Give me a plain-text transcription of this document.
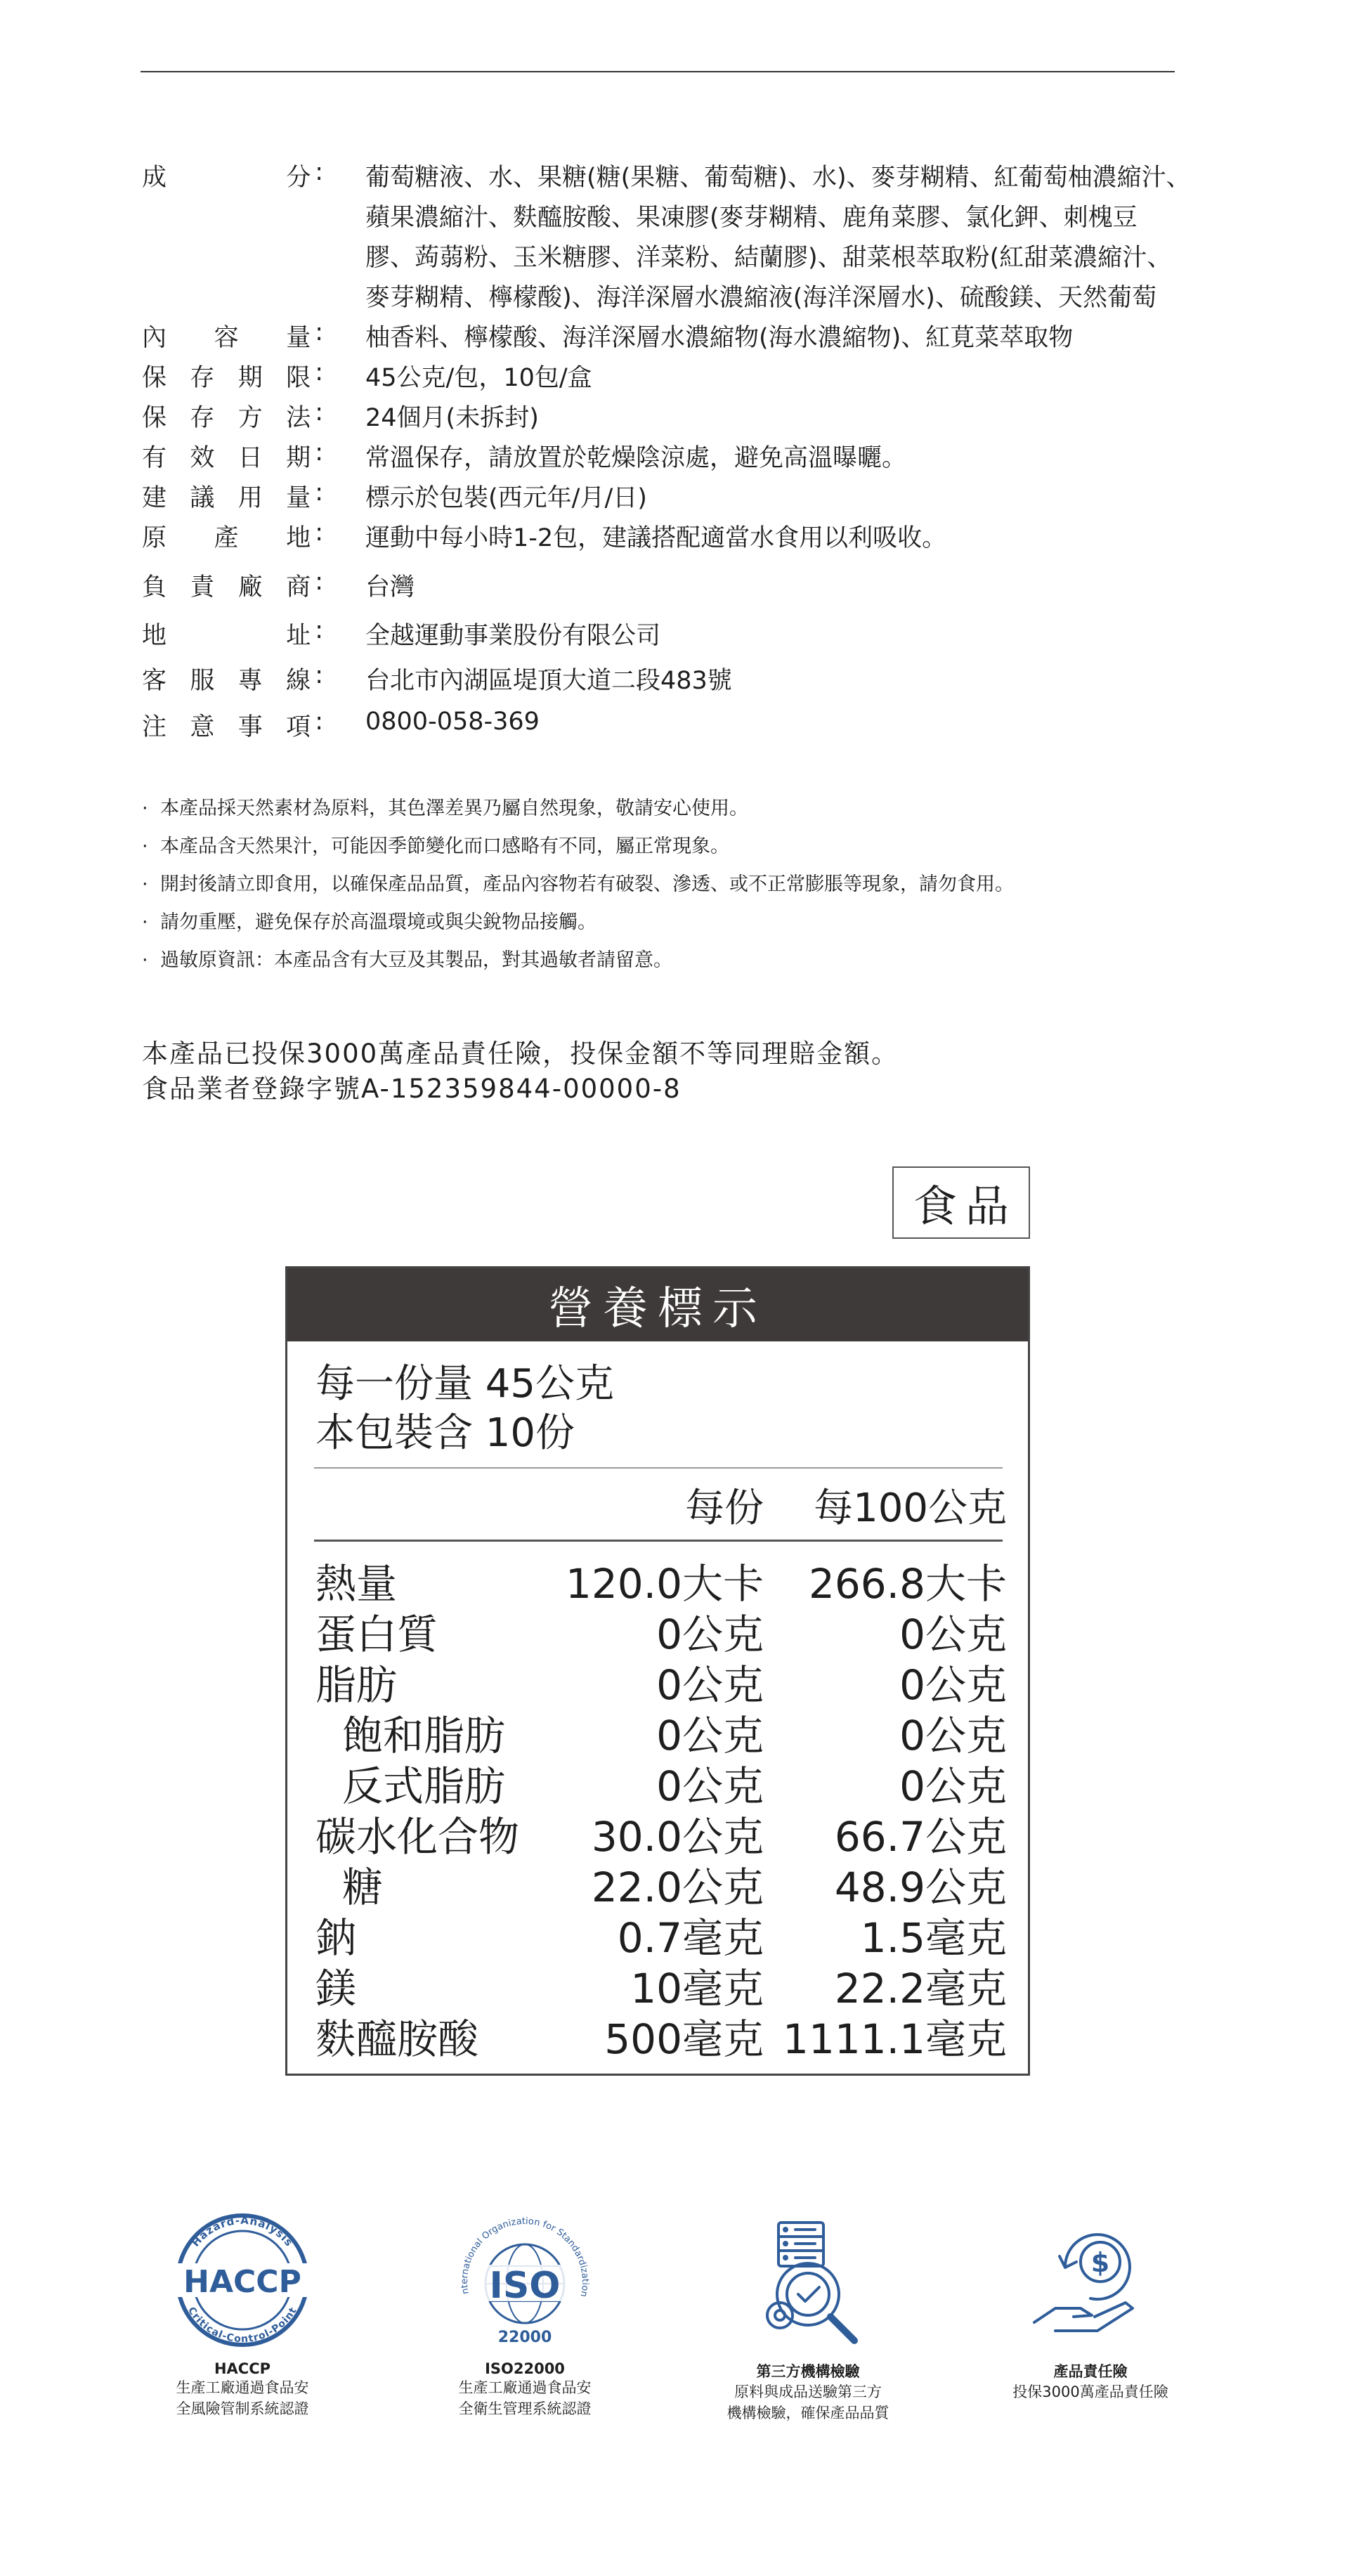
成	分 : 葡萄糖液、水、果糖(糖(果糖、葡萄糖)、水)、麥芽糊精、紅葡萄柚濃縮汁、
蘋果濃縮汁、麩醯胺酸、果凍膠(麥芽糊精、鹿角菜膠、氯化鉀、刺槐豆
膠、蒟蒻粉、玉米糖膠、洋菜粉、結蘭膠)、甜菜根萃取粉(紅甜菜濃縮汁、
麥芽糊精、檸檬酸)、海洋深層水濃縮液(海洋深層水)、硫酸鎂、天然葡萄
內 容 量 : 柚香料、檸檬酸、海洋深層水濃縮物(海水濃縮物)、紅莧菜萃取物
保 存 期 限 : 45公克/包，10包/盒
保 存 方 法 : 24個月(未拆封)
有 效 日 期 : 常溫保存，請放置於乾燥陰涼處，避免高溫曝曬。
建 議 用 量 : 標示於包裝(西元年/月/日)
原 產 地 : 運動中每小時1-2包，建議搭配適當水食用以利吸收。
負 責 廠 商 : 台灣
地	址 : 全越運動事業股份有限公司
客 服 專 線 : 台北市內湖區堤頂大道二段483號
注 意 事 項 : 0800-058-369
· 本產品採天然素材為原料，其色澤差異乃屬自然現象，敬請安心使用。
· 本產品含天然果汁，可能因季節變化而口感略有不同，屬正常現象。
· 開封後請立即食用，以確保產品品質，產品內容物若有破裂、滲透、或不正常膨脹等現象，請勿食用。
· 請勿重壓，避免保存於高溫環境或與尖銳物品接觸。
· 過敏原資訊：本產品含有大豆及其製品，對其過敏者請留意。
本產品已投保3000萬產品責任險，投保金額不等同理賠金額。
食品業者登錄字號A-152359844-00000-8
食品
營養標示
每一份量 45公克
本包裝含 10份
每份 每100公克
熱量	120.0大卡 266.8大卡
蛋白質	0公克	0公克
脂肪	0公克	0公克
飽和脂肪	0公克	0公克
反式脂肪	0公克	0公克
碳水化合物 30.0公克 66.7公克
糖	22.0公克 48.9公克
鈉	0.7毫克 1.5毫克
鎂	10毫克 22.2毫克
麩醯胺酸	500毫克 1111.1毫克
Hazard-Analysis
Critical-Control-Point
HACCP
HACCP
生產工廠通過食品安
全風險管制系統認證
nternational Organization for Standardization
ISO
22000
ISO22000
生產工廠通過食品安
全衛生管理系統認證
第三方機構檢驗
原料與成品送驗第三方
機構檢驗，確保產品品質
$
產品責任險
投保3000萬產品責任險
